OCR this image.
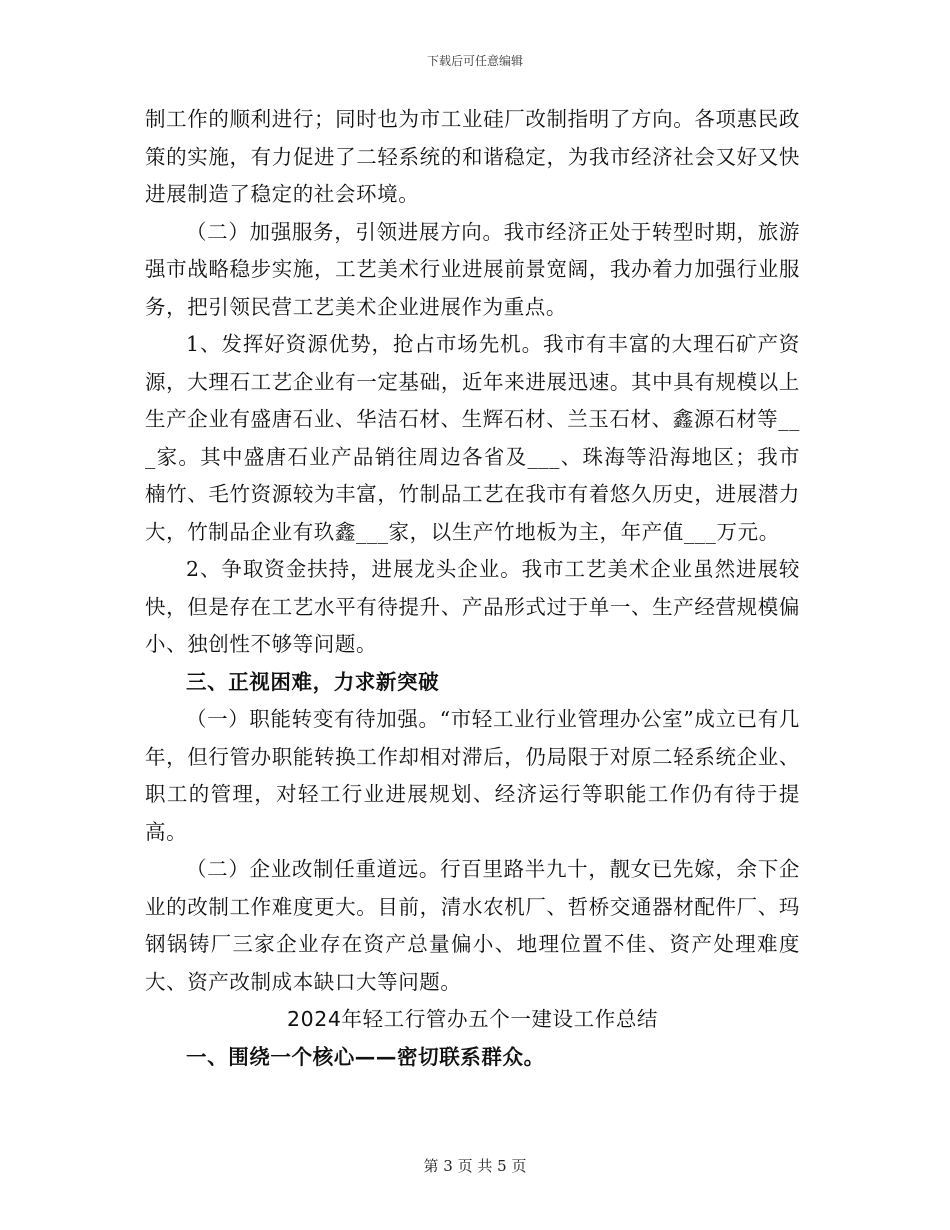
下载后可任意编辑

制工作的顺利进行；同时也为市工业硅厂改制指明了方向。各项惠民政策的实施，有力促进了二轻系统的和谐稳定，为我市经济社会又好又快进展制造了稳定的社会环境。

（二）加强服务，引领进展方向。我市经济正处于转型时期，旅游强市战略稳步实施，工艺美术行业进展前景宽阔，我办着力加强行业服务，把引领民营工艺美术企业进展作为重点。

1、发挥好资源优势，抢占市场先机。我市有丰富的大理石矿产资源，大理石工艺企业有一定基础，近年来进展迅速。其中具有规模以上生产企业有盛唐石业、华洁石材、生辉石材、兰玉石材、鑫源石材等___家。其中盛唐石业产品销往周边各省及___、珠海等沿海地区；我市楠竹、毛竹资源较为丰富，竹制品工艺在我市有着悠久历史，进展潜力大，竹制品企业有玖鑫___家，以生产竹地板为主，年产值___万元。

2、争取资金扶持，进展龙头企业。我市工艺美术企业虽然进展较快，但是存在工艺水平有待提升、产品形式过于单一、生产经营规模偏小、独创性不够等问题。

三、正视困难，力求新突破

（一）职能转变有待加强。“市轻工业行业管理办公室”成立已有几年，但行管办职能转换工作却相对滞后，仍局限于对原二轻系统企业、职工的管理，对轻工行业进展规划、经济运行等职能工作仍有待于提高。

（二）企业改制任重道远。行百里路半九十，靓女已先嫁，余下企业的改制工作难度更大。目前，清水农机厂、哲桥交通器材配件厂、玛钢锅铸厂三家企业存在资产总量偏小、地理位置不佳、资产处理难度大、资产改制成本缺口大等问题。

2024年轻工行管办五个一建设工作总结

一、围绕一个核心——密切联系群众。

第 3 页 共 5 页
